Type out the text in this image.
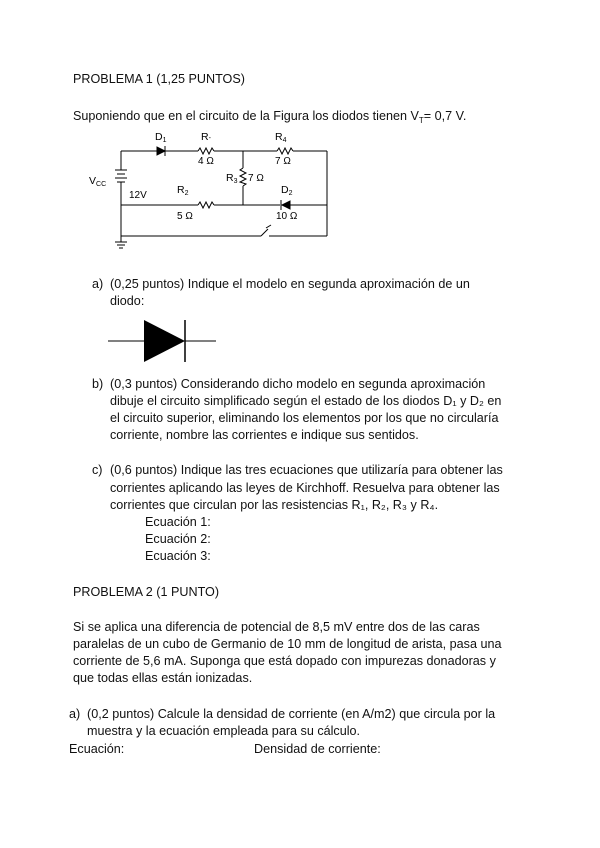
PROBLEMA 1 (1,25 PUNTOS)
Suponiendo que en el circuito de la Figura los diodos tienen $V_T= 0,7$ V.
VCC
12V
D1	R-
4 Ω
R4
7 Ω
R3 7 Ω
R2
5 Ω
D2
10 Ω
a) (0,25 puntos) Indique el modelo en segunda aproximación de un
diodo:
b) (0,3 puntos) Considerando dicho modelo en segunda aproximación
dibuje el circuito simplificado según el estado de los diodos D₁ y D₂ en
el circuito superior, eliminando los elementos por los que no circularía
corriente, nombre las corrientes e indique sus sentidos.
c) (0,6 puntos) Indique las tres ecuaciones que utilizaría para obtener las
corrientes aplicando las leyes de Kirchhoff. Resuelva para obtener las
corrientes que circulan por las resistencias R₁, R₂, R₃ y R₄.
Ecuación 1:
Ecuación 2:
Ecuación 3:
PROBLEMA 2 (1 PUNTO)
Si se aplica una diferencia de potencial de 8,5 mV entre dos de las caras
paralelas de un cubo de Germanio de 10 mm de longitud de arista, pasa una
corriente de 5,6 mA. Suponga que está dopado con impurezas donadoras y
que todas ellas están ionizadas.
a) (0,2 puntos) Calcule la densidad de corriente (en A/m2) que circula por la
muestra y la ecuación empleada para su cálculo.
Ecuación:	Densidad de corriente:
